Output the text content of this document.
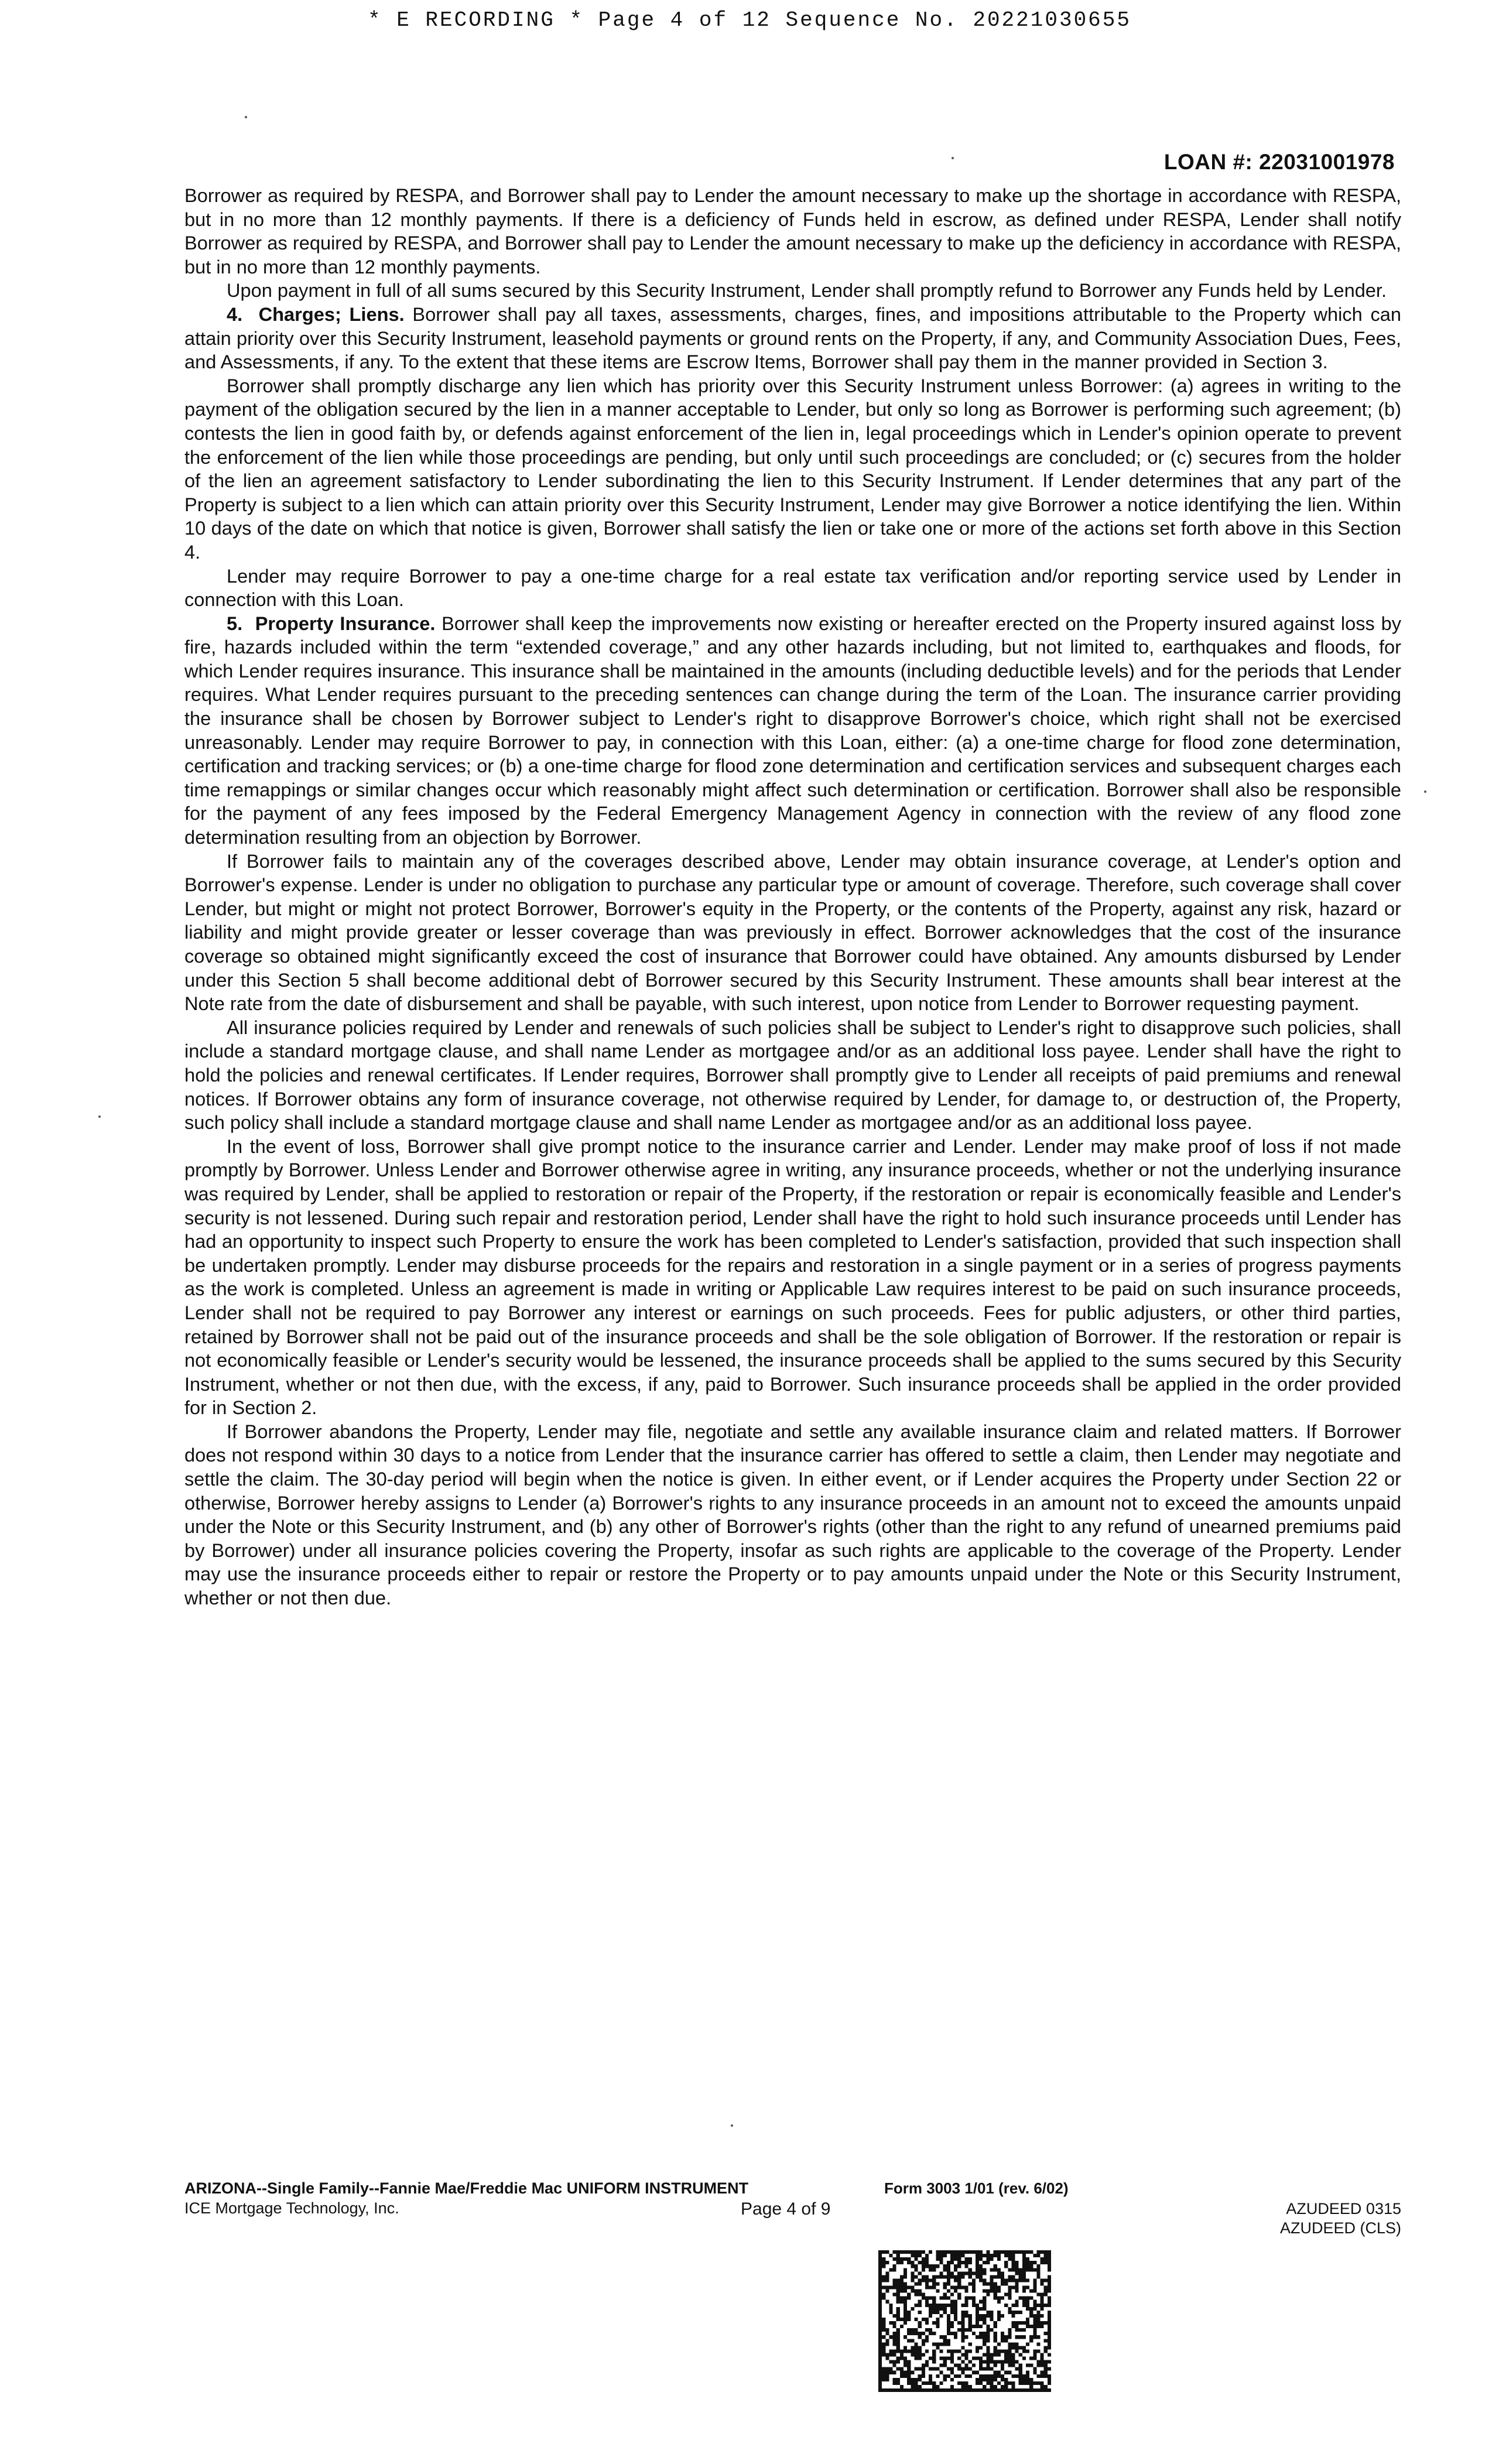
* E RECORDING * Page 4 of 12 Sequence No. 20221030655
LOAN #: 22031001978

Borrower as required by RESPA, and Borrower shall pay to Lender the amount necessary to make up the shortage in accordance with RESPA, but in no more than 12 monthly payments. If there is a deficiency of Funds held in escrow, as defined under RESPA, Lender shall notify Borrower as required by RESPA, and Borrower shall pay to Lender the amount necessary to make up the deficiency in accordance with RESPA, but in no more than 12 monthly payments.

Upon payment in full of all sums secured by this Security Instrument, Lender shall promptly refund to Borrower any Funds held by Lender.

4. Charges; Liens. Borrower shall pay all taxes, assessments, charges, fines, and impositions attributable to the Property which can attain priority over this Security Instrument, leasehold payments or ground rents on the Property, if any, and Community Association Dues, Fees, and Assessments, if any. To the extent that these items are Escrow Items, Borrower shall pay them in the manner provided in Section 3.

Borrower shall promptly discharge any lien which has priority over this Security Instrument unless Borrower: (a) agrees in writing to the payment of the obligation secured by the lien in a manner acceptable to Lender, but only so long as Borrower is performing such agreement; (b) contests the lien in good faith by, or defends against enforcement of the lien in, legal proceedings which in Lender's opinion operate to prevent the enforcement of the lien while those proceedings are pending, but only until such proceedings are concluded; or (c) secures from the holder of the lien an agreement satisfactory to Lender subordinating the lien to this Security Instrument. If Lender determines that any part of the Property is subject to a lien which can attain priority over this Security Instrument, Lender may give Borrower a notice identifying the lien. Within 10 days of the date on which that notice is given, Borrower shall satisfy the lien or take one or more of the actions set forth above in this Section 4.

Lender may require Borrower to pay a one-time charge for a real estate tax verification and/or reporting service used by Lender in connection with this Loan.

5. Property Insurance. Borrower shall keep the improvements now existing or hereafter erected on the Property insured against loss by fire, hazards included within the term “extended coverage,” and any other hazards including, but not limited to, earthquakes and floods, for which Lender requires insurance. This insurance shall be maintained in the amounts (including deductible levels) and for the periods that Lender requires. What Lender requires pursuant to the preceding sentences can change during the term of the Loan. The insurance carrier providing the insurance shall be chosen by Borrower subject to Lender's right to disapprove Borrower's choice, which right shall not be exercised unreasonably. Lender may require Borrower to pay, in connection with this Loan, either: (a) a one-time charge for flood zone determination, certification and tracking services; or (b) a one-time charge for flood zone determination and certification services and subsequent charges each time remappings or similar changes occur which reasonably might affect such determination or certification. Borrower shall also be responsible for the payment of any fees imposed by the Federal Emergency Management Agency in connection with the review of any flood zone determination resulting from an objection by Borrower.

If Borrower fails to maintain any of the coverages described above, Lender may obtain insurance coverage, at Lender's option and Borrower's expense. Lender is under no obligation to purchase any particular type or amount of coverage. Therefore, such coverage shall cover Lender, but might or might not protect Borrower, Borrower's equity in the Property, or the contents of the Property, against any risk, hazard or liability and might provide greater or lesser coverage than was previously in effect. Borrower acknowledges that the cost of the insurance coverage so obtained might significantly exceed the cost of insurance that Borrower could have obtained. Any amounts disbursed by Lender under this Section 5 shall become additional debt of Borrower secured by this Security Instrument. These amounts shall bear interest at the Note rate from the date of disbursement and shall be payable, with such interest, upon notice from Lender to Borrower requesting payment.

All insurance policies required by Lender and renewals of such policies shall be subject to Lender's right to disapprove such policies, shall include a standard mortgage clause, and shall name Lender as mortgagee and/or as an additional loss payee. Lender shall have the right to hold the policies and renewal certificates. If Lender requires, Borrower shall promptly give to Lender all receipts of paid premiums and renewal notices. If Borrower obtains any form of insurance coverage, not otherwise required by Lender, for damage to, or destruction of, the Property, such policy shall include a standard mortgage clause and shall name Lender as mortgagee and/or as an additional loss payee.

In the event of loss, Borrower shall give prompt notice to the insurance carrier and Lender. Lender may make proof of loss if not made promptly by Borrower. Unless Lender and Borrower otherwise agree in writing, any insurance proceeds, whether or not the underlying insurance was required by Lender, shall be applied to restoration or repair of the Property, if the restoration or repair is economically feasible and Lender's security is not lessened. During such repair and restoration period, Lender shall have the right to hold such insurance proceeds until Lender has had an opportunity to inspect such Property to ensure the work has been completed to Lender's satisfaction, provided that such inspection shall be undertaken promptly. Lender may disburse proceeds for the repairs and restoration in a single payment or in a series of progress payments as the work is completed. Unless an agreement is made in writing or Applicable Law requires interest to be paid on such insurance proceeds, Lender shall not be required to pay Borrower any interest or earnings on such proceeds. Fees for public adjusters, or other third parties, retained by Borrower shall not be paid out of the insurance proceeds and shall be the sole obligation of Borrower. If the restoration or repair is not economically feasible or Lender's security would be lessened, the insurance proceeds shall be applied to the sums secured by this Security Instrument, whether or not then due, with the excess, if any, paid to Borrower. Such insurance proceeds shall be applied in the order provided for in Section 2.

If Borrower abandons the Property, Lender may file, negotiate and settle any available insurance claim and related matters. If Borrower does not respond within 30 days to a notice from Lender that the insurance carrier has offered to settle a claim, then Lender may negotiate and settle the claim. The 30-day period will begin when the notice is given. In either event, or if Lender acquires the Property under Section 22 or otherwise, Borrower hereby assigns to Lender (a) Borrower's rights to any insurance proceeds in an amount not to exceed the amounts unpaid under the Note or this Security Instrument, and (b) any other of Borrower's rights (other than the right to any refund of unearned premiums paid by Borrower) under all insurance policies covering the Property, insofar as such rights are applicable to the coverage of the Property. Lender may use the insurance proceeds either to repair or restore the Property or to pay amounts unpaid under the Note or this Security Instrument, whether or not then due.

ARIZONA--Single Family--Fannie Mae/Freddie Mac UNIFORM INSTRUMENT
ICE Mortgage Technology, Inc.
Form 3003 1/01 (rev. 6/02)
Page 4 of 9	AZUDEED 0315
AZUDEED (CLS)
